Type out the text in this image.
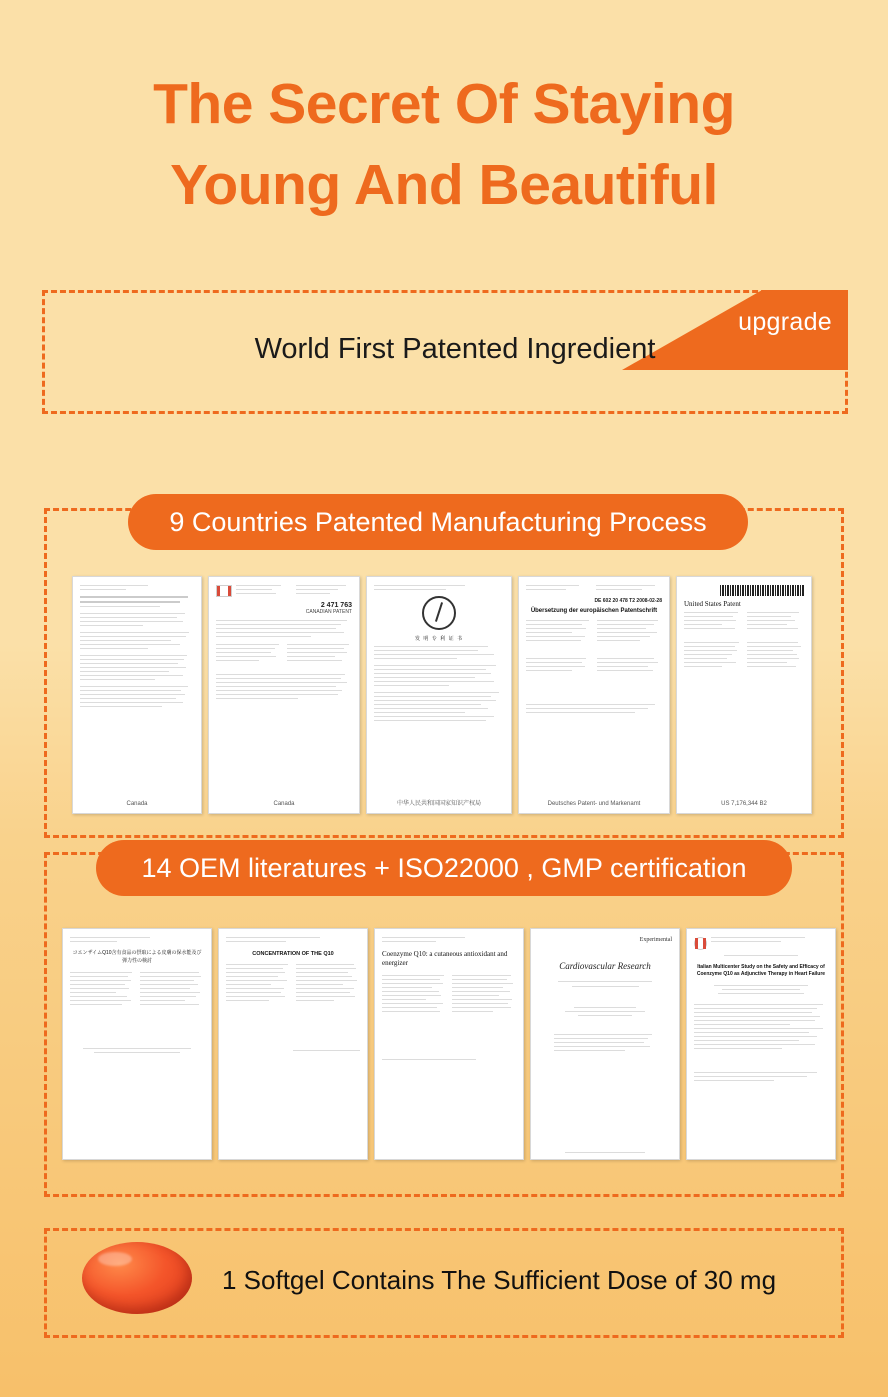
The Secret Of Staying
Young And Beautiful
upgrade
World First Patented Ingredient
9 Countries Patented Manufacturing Process
Canada
2 471 763
CANADIAN PATENT
Canada
发 明 专 利 证 书
中华人民共和国国家知识产权局
DE 602 20 478 T2 2008-02-28
Übersetzung der europäischen Patentschrift
Deutsches Patent- und Markenamt
United States Patent
US 7,176,344 B2
14 OEM literatures + ISO22000 , GMP certification
コエンザイムQ10含有食品の摂取による皮膚の保水能及び弾力性の検討
CONCENTRATION OF THE Q10	Coenzyme Q10: a cutaneous antioxidant and energizer
Experimental
Cardiovascular Research	Italian Multicenter Study on the Safety and Efficacy of Coenzyme Q10 as Adjunctive Therapy in Heart Failure
1 Softgel Contains The Sufficient Dose of 30 mg
